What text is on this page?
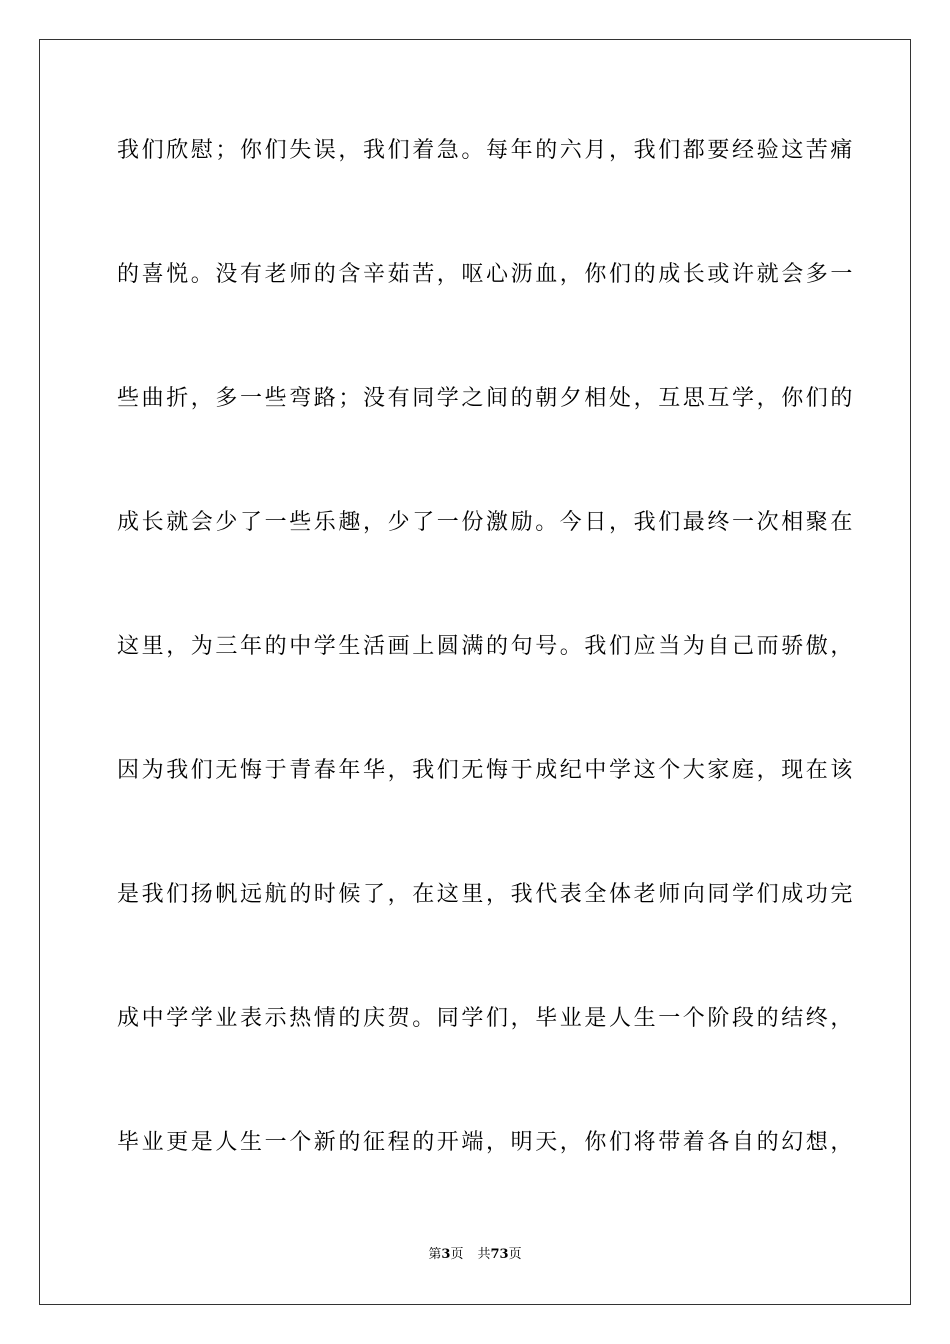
我们欣慰；你们失误，我们着急。每年的六月，我们都要经验这苦痛
的喜悦。没有老师的含辛茹苦，呕心沥血，你们的成长或许就会多一
些曲折，多一些弯路；没有同学之间的朝夕相处，互思互学，你们的
成长就会少了一些乐趣，少了一份激励。今日，我们最终一次相聚在
这里，为三年的中学生活画上圆满的句号。我们应当为自己而骄傲，
因为我们无悔于青春年华，我们无悔于成纪中学这个大家庭，现在该
是我们扬帆远航的时候了，在这里，我代表全体老师向同学们成功完
成中学学业表示热情的庆贺。同学们，毕业是人生一个阶段的结终，
毕业更是人生一个新的征程的开端，明天，你们将带着各自的幻想，
第3页 共73页
